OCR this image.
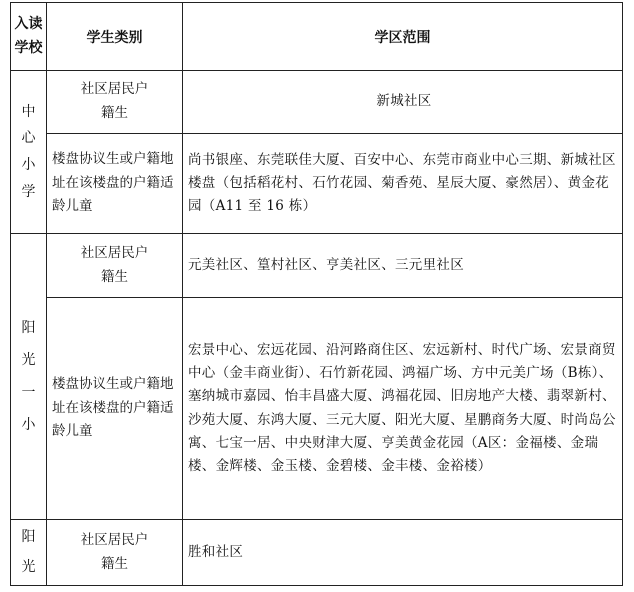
入读学校	学生类别	学区范围

中心小学	社区居民户籍生	新城社区

	楼盘协议生或户籍地址在该楼盘的户籍适龄儿童	尚书银座、东莞联佳大厦、百安中心、东莞市商业中心三期、新城社区楼盘（包括稻花村、石竹花园、菊香苑、星辰大厦、豪然居）、黄金花园（A11 至 16 栋）

阳光一小	社区居民户籍生	元美社区、篁村社区、亨美社区、三元里社区

	楼盘协议生或户籍地址在该楼盘的户籍适龄儿童	宏景中心、宏远花园、沿河路商住区、宏远新村、时代广场、宏景商贸中心（金丰商业街）、石竹新花园、鸿福广场、方中元美广场（B栋）、塞纳城市嘉园、怡丰昌盛大厦、鸿福花园、旧房地产大楼、翡翠新村、沙苑大厦、东鸿大厦、三元大厦、阳光大厦、星鹏商务大厦、时尚岛公寓、七宝一居、中央财津大厦、亨美黄金花园（A区：金福楼、金瑞楼、金辉楼、金玉楼、金碧楼、金丰楼、金裕楼）

阳光	社区居民户籍生	胜和社区
